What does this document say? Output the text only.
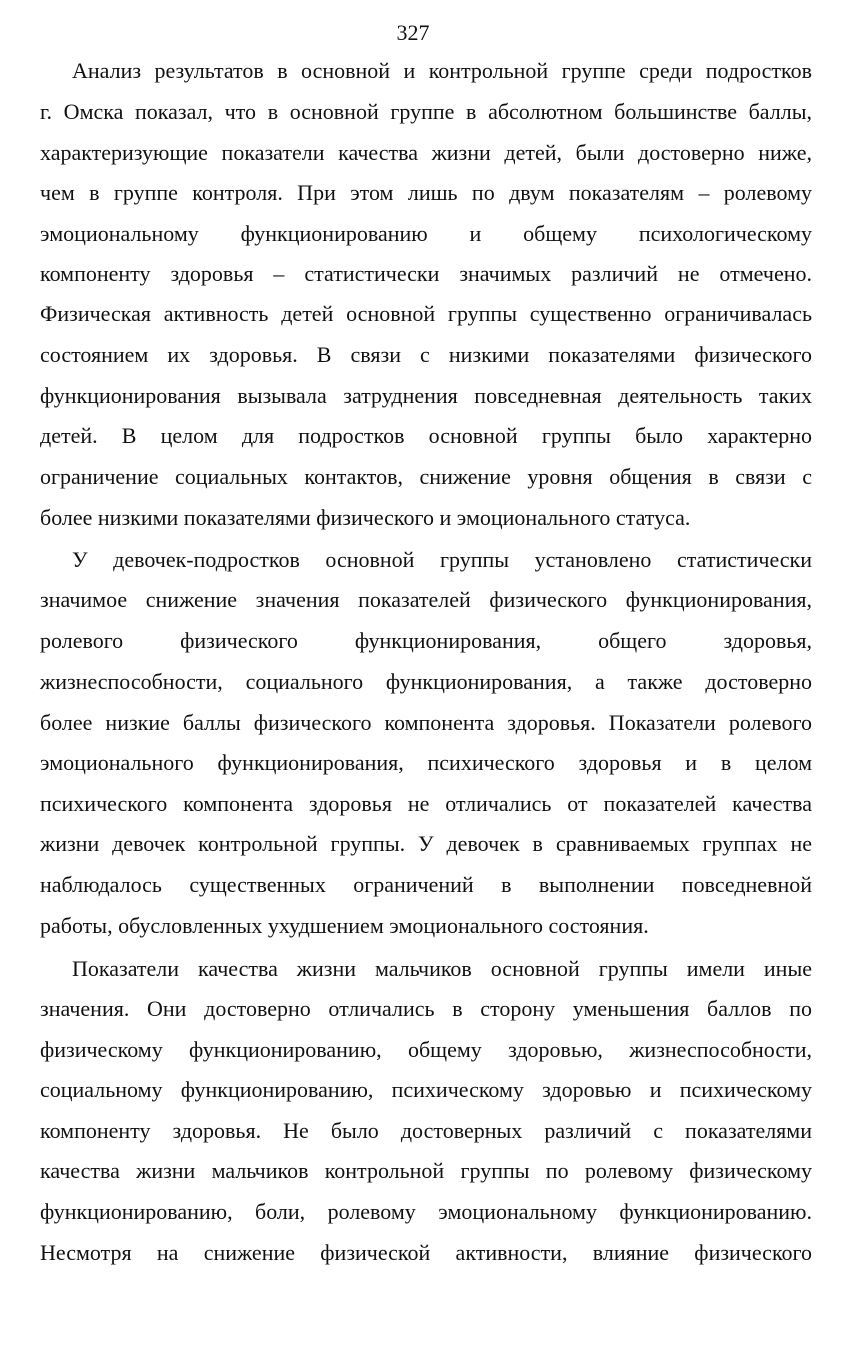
327
Анализ результатов в основной и контрольной группе среди подростков
г. Омска показал, что в основной группе в абсолютном большинстве баллы,
характеризующие показатели качества жизни детей, были достоверно ниже,
чем в группе контроля. При этом лишь по двум показателям – ролевому
эмоциональному функционированию и общему психологическому
компоненту здоровья – статистически значимых различий не отмечено.
Физическая активность детей основной группы существенно ограничивалась
состоянием их здоровья. В связи с низкими показателями физического
функционирования вызывала затруднения повседневная деятельность таких
детей. В целом для подростков основной группы было характерно
ограничение социальных контактов, снижение уровня общения в связи с
более низкими показателями физического и эмоционального статуса.
У девочек-подростков основной группы установлено статистически
значимое снижение значения показателей физического функционирования,
ролевого физического функционирования, общего здоровья,
жизнеспособности, социального функционирования, а также достоверно
более низкие баллы физического компонента здоровья. Показатели ролевого
эмоционального функционирования, психического здоровья и в целом
психического компонента здоровья не отличались от показателей качества
жизни девочек контрольной группы. У девочек в сравниваемых группах не
наблюдалось существенных ограничений в выполнении повседневной
работы, обусловленных ухудшением эмоционального состояния.
Показатели качества жизни мальчиков основной группы имели иные
значения. Они достоверно отличались в сторону уменьшения баллов по
физическому функционированию, общему здоровью, жизнеспособности,
социальному функционированию, психическому здоровью и психическому
компоненту здоровья. Не было достоверных различий с показателями
качества жизни мальчиков контрольной группы по ролевому физическому
функционированию, боли, ролевому эмоциональному функционированию.
Несмотря на снижение физической активности, влияние физического
